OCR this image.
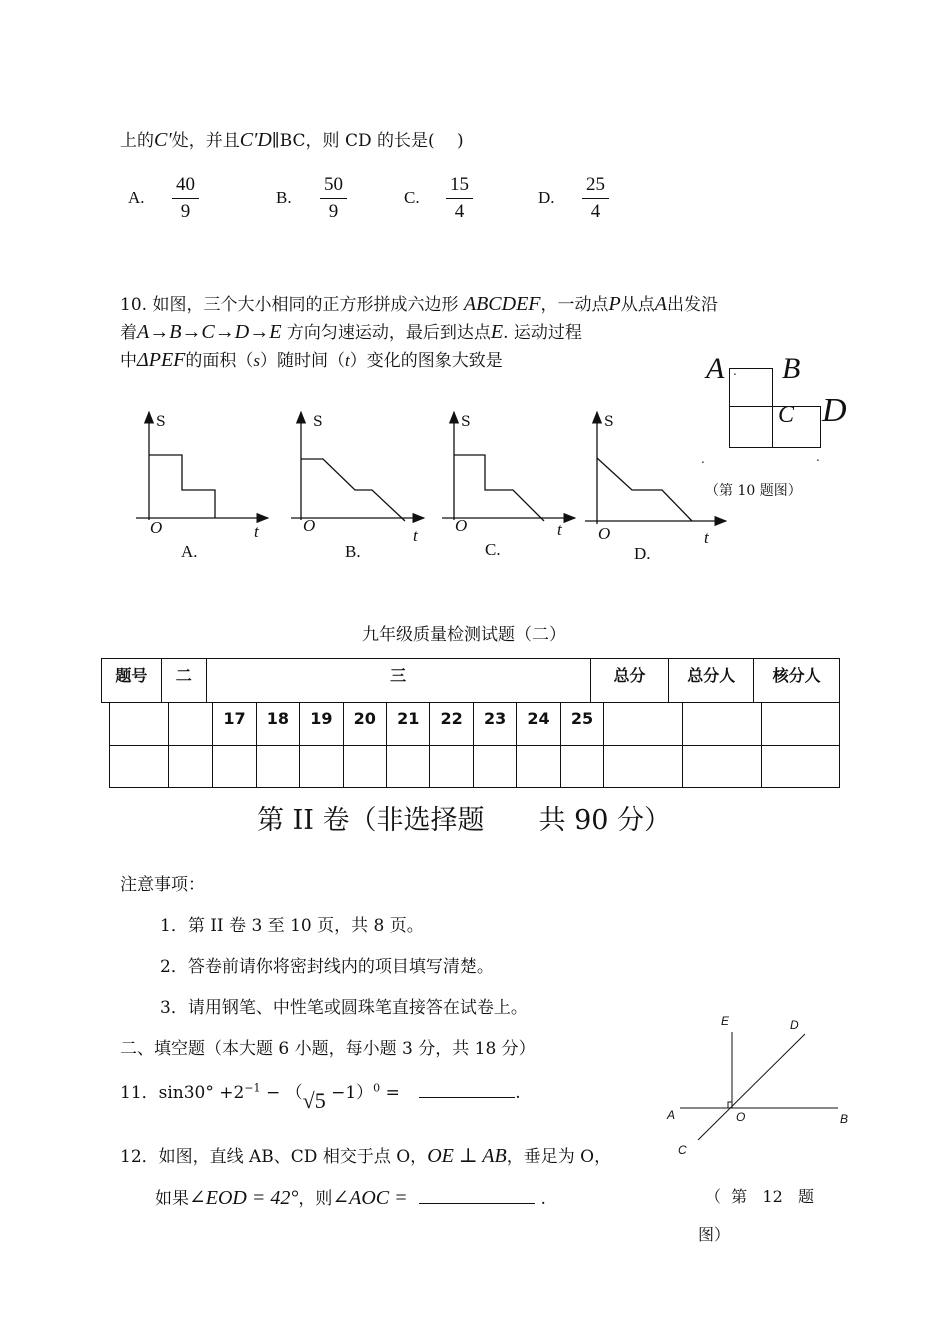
上的C′处，并且C′D∥BC，则 CD 的长是(　 )
A. $\frac{40}{9}$	B. $\frac{50}{9}$	C. $\frac{15}{4}$	D. $\frac{25}{4}$
10. 如图，三个大小相同的正方形拼成六边形 ABCDEF，一动点P从点A出发沿
着A→B→C→D→E 方向匀速运动，最后到达点E. 运动过程
中ΔPEF的面积（s）随时间（t）变化的图象大致是	A . B
C D
.	.
（第 10 题图）
S
O	t
A.
S
O
t
B.
S
O	t
C.
S
O	t
D.
九年级质量检测试题（二）
题号	二	三	总分	总分人	核分人
		17	18	19	20	21	22	23	24	25			

第 II 卷（非选择题　　共 90 分）
注意事项：
1．第 II 卷 3 至 10 页，共 8 页。
2．答卷前请你将密封线内的项目填写清楚。
3．请用钢笔、中性笔或圆珠笔直接答在试卷上。
二、填空题（本大题 6 小题，每小题 3 分，共 18 分）
11．$\sin 30^\circ +2^{-1} - (√5 -1)^0$ =	.
12．如图，直线 AB、CD 相交于点 O，OE ⊥ AB，垂足为 O，
如果∠EOD = 42°，则∠AOC =	.
E	D
A	O	B
C
（  第   12   题
图）
